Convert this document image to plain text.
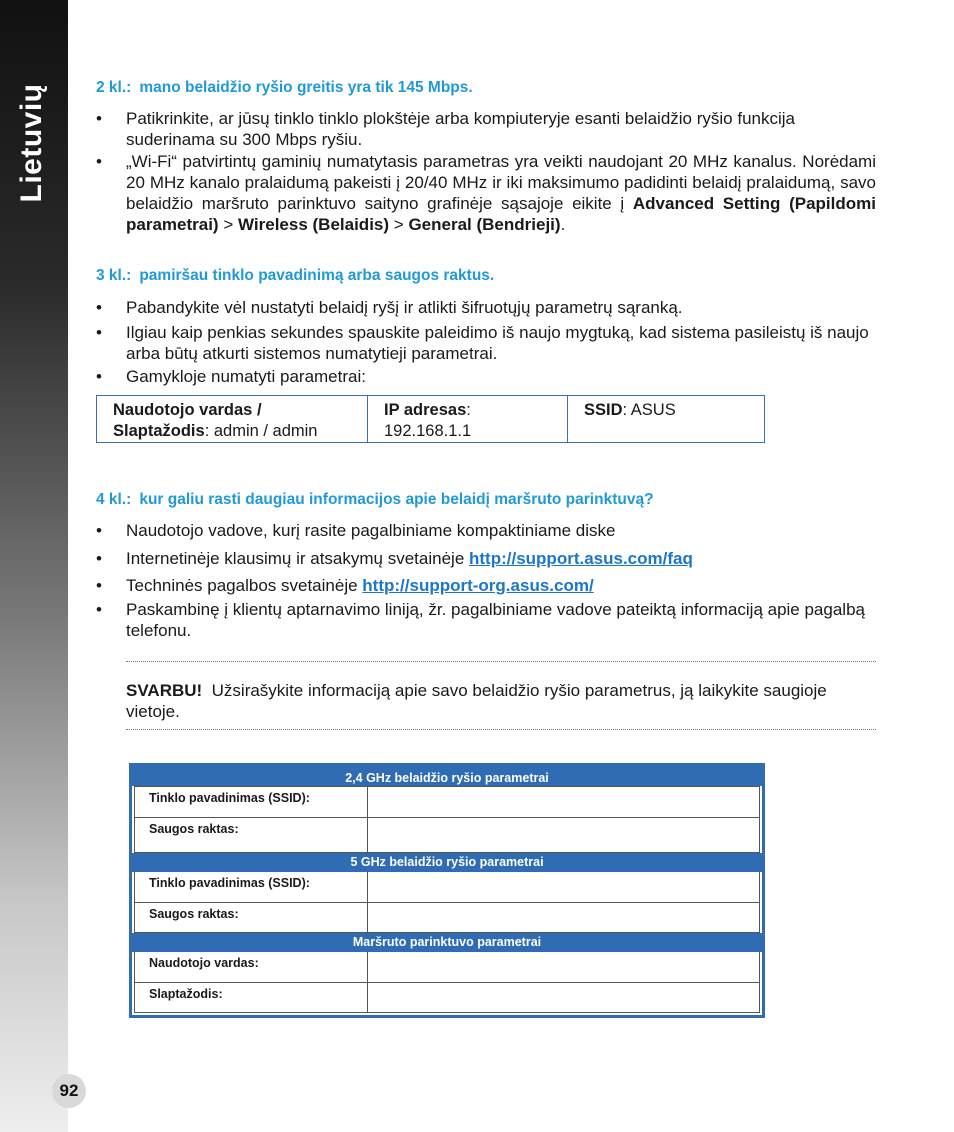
Lietuvių
92
2 kl.: mano belaidžio ryšio greitis yra tik 145 Mbps.
• Patikrinkite, ar jūsų tinklo tinklo plokštėje arba kompiuteryje esanti belaidžio ryšio funkcija suderinama su 300 Mbps ryšiu.
• „Wi-Fi“ patvirtintų gaminių numatytasis parametras yra veikti naudojant 20 MHz kanalus. Norėdami 20 MHz kanalo pralaidumą pakeisti į 20/40 MHz ir iki maksimumo padidinti belaidį pralaidumą, savo belaidžio maršruto parinktuvo saityno grafinėje sąsajoje eikite į Advanced Setting (Papildomi parametrai) > Wireless (Belaidis) > General (Bendrieji).
3 kl.: pamiršau tinklo pavadinimą arba saugos raktus.
• Pabandykite vėl nustatyti belaidį ryšį ir atlikti šifruotųjų parametrų sąranką.
• Ilgiau kaip penkias sekundes spauskite paleidimo iš naujo mygtuką, kad sistema pasileistų iš naujo arba būtų atkurti sistemos numatytieji parametrai.
• Gamykloje numatyti parametrai:
Naudotojo vardas /
Slaptažodis: admin / admin
IP adresas:
192.168.1.1
SSID: ASUS
4 kl.: kur galiu rasti daugiau informacijos apie belaidį maršruto parinktuvą?
• Naudotojo vadove, kurį rasite pagalbiniame kompaktiniame diske
• Internetinėje klausimų ir atsakymų svetainėje http://support.asus.com/faq
• Techninės pagalbos svetainėje http://support-org.asus.com/
• Paskambinę į klientų aptarnavimo liniją, žr. pagalbiniame vadove pateiktą informaciją apie pagalbą telefonu.
SVARBU! Užsirašykite informaciją apie savo belaidžio ryšio parametrus, ją laikykite saugioje vietoje.
2,4 GHz belaidžio ryšio parametrai
Tinklo pavadinimas (SSID):
Saugos raktas:
5 GHz belaidžio ryšio parametrai
Tinklo pavadinimas (SSID):
Saugos raktas:
Maršruto parinktuvo parametrai
Naudotojo vardas:
Slaptažodis:
